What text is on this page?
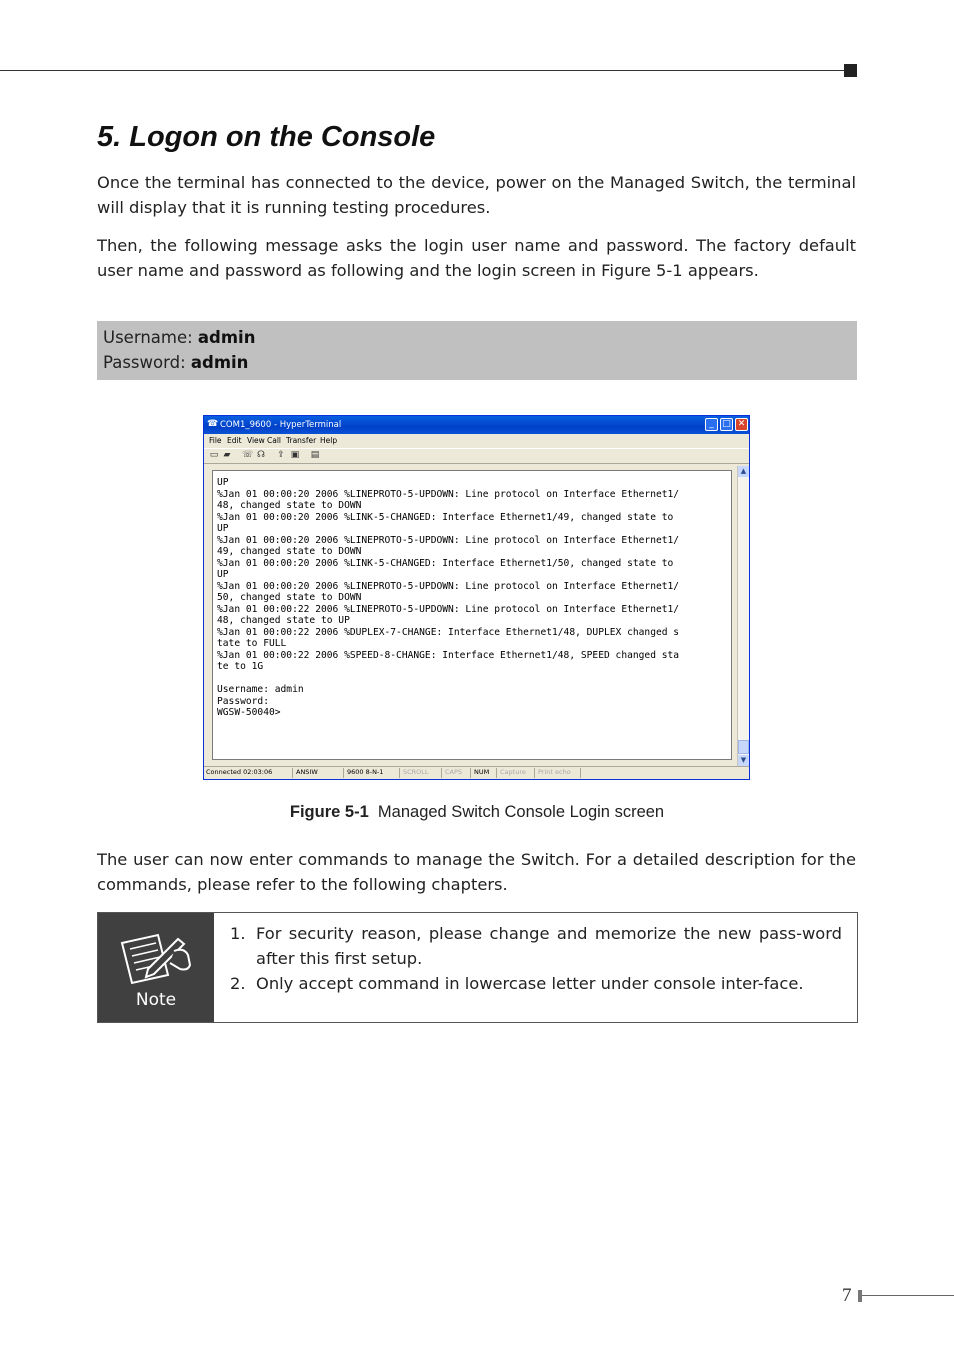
5. Logon on the Console

Once the terminal has connected to the device, power on the Managed Switch, the terminal will display that it is running testing procedures.

Then, the following message asks the login user name and password. The factory default user name and password as following and the login screen in Figure 5-1 appears.

Username: admin
Password: admin
☎ COM1_9600 - HyperTerminal	_ □ ✕
File Edit View Call Transfer Help
▭ ▰ ☏ ☊ ⇪ ▣ ▤
UP
%Jan 01 00:00:20 2006 %LINEPROTO-5-UPDOWN: Line protocol on Interface Ethernet1/
48, changed state to DOWN
%Jan 01 00:00:20 2006 %LINK-5-CHANGED: Interface Ethernet1/49, changed state to
UP
%Jan 01 00:00:20 2006 %LINEPROTO-5-UPDOWN: Line protocol on Interface Ethernet1/
49, changed state to DOWN
%Jan 01 00:00:20 2006 %LINK-5-CHANGED: Interface Ethernet1/50, changed state to
UP
%Jan 01 00:00:20 2006 %LINEPROTO-5-UPDOWN: Line protocol on Interface Ethernet1/
50, changed state to DOWN
%Jan 01 00:00:22 2006 %LINEPROTO-5-UPDOWN: Line protocol on Interface Ethernet1/
48, changed state to UP
%Jan 01 00:00:22 2006 %DUPLEX-7-CHANGE: Interface Ethernet1/48, DUPLEX changed s
tate to FULL
%Jan 01 00:00:22 2006 %SPEED-8-CHANGE: Interface Ethernet1/48, SPEED changed sta
te to 1G

Username: admin
Password:
WGSW-50040>
▲
▼
Connected 02:03:06	ANSIW	9600 8-N-1	SCROLL	CAPS NUM Capture Print echo
Figure 5-1 Managed Switch Console Login screen

The user can now enter commands to manage the Switch. For a detailed description for the commands, please refer to the following chapters.

Note
1. For security reason, please change and memorize the new pass-word after this first setup.
2. Only accept command in lowercase letter under console inter-face.
7
